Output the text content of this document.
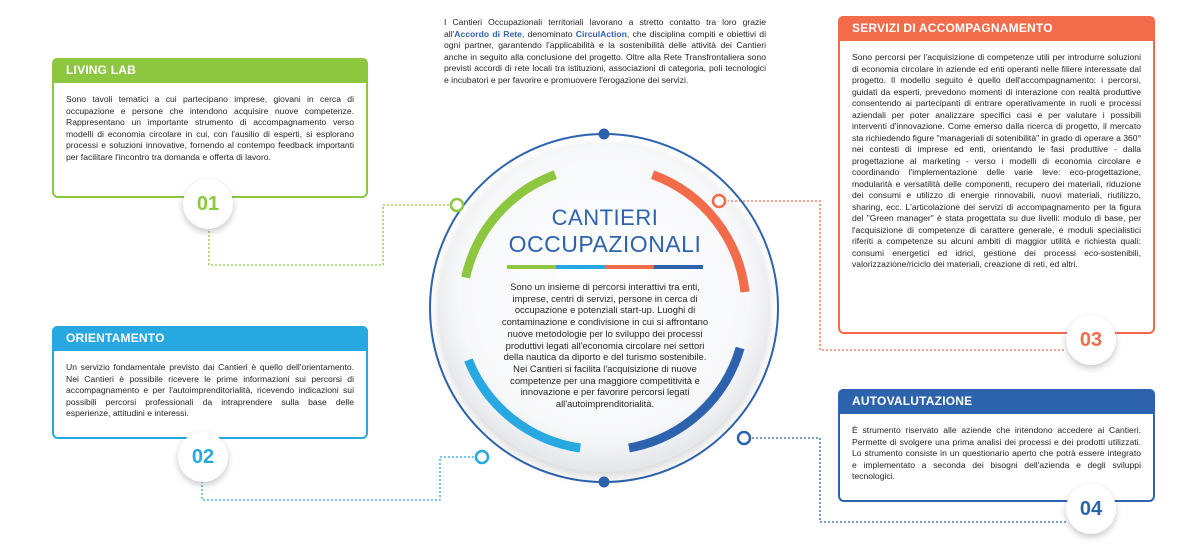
I Cantieri Occupazionali territoriali lavorano a stretto contatto tra loro grazie all'Accordo di Rete, denominato CirculAction, che disciplina compiti e obiettivi di ogni partner, garantendo l'applicabilità e la sostenibilità delle attività dei Cantieri anche in seguito alla conclusione del progetto. Oltre alla Rete Transfrontaliera sono previsti accordi di rete locali tra istituzioni, associazioni di categoria, poli tecnologici e incubatori e per favorire e promuovere l'erogazione dei servizi.
CANTIERI
OCCUPAZIONALI
Sono un insieme di percorsi interattivi tra enti, imprese, centri di servizi, persone in cerca di occupazione e potenziali start-up. Luoghi di contaminazione e condivisione in cui si affrontano nuove metodologie per lo sviluppo dei processi produttivi legati all'economia circolare nei settori della nautica da diporto e del turismo sostenibile. Nei Cantieri si facilita l'acquisizione di nuove competenze per una maggiore competitività e innovazione e per favorire percorsi legati all'autoimprenditorialità.
LIVING LAB
Sono tavoli tematici a cui partecipano imprese, giovani in cerca di occupazione e persone che intendono acquisire nuove competenze. Rappresentano un importante strumento di accompagnamento verso modelli di economia circolare in cui, con l'ausilio di esperti, si esplorano processi e soluzioni innovative, fornendo al contempo feedback importanti per facilitare l'incontro tra domanda e offerta di lavoro.
01
ORIENTAMENTO
Un servizio fondamentale previsto dai Cantieri è quello dell'orientamento. Nei Cantieri è possibile ricevere le prime informazioni sui percorsi di accompagnamento e per l'autoimprenditorialità, ricevendo indicazioni sui possibili percorsi professionali da intraprendere sulla base delle esperienze, attitudini e interessi.
02
SERVIZI DI ACCOMPAGNAMENTO
Sono percorsi per l'acquisizione di competenze utili per introdurre soluzioni di economia circolare in aziende ed enti operanti nelle filiere interessate dal progetto. Il modello seguito è quello dell'accompagnamento: i percorsi, guidati da esperti, prevedono momenti di interazione con realtà produttive consentendo ai partecipanti di entrare operativamente in ruoli e processi aziendali per poter analizzare specifici casi e per valutare i possibili interventi d'innovazione. Come emerso dalla ricerca di progetto, il mercato sta richiedendo figure "manageriali di sotenibilità" in grado di operare a 360° nei contesti di imprese ed enti, orientando le fasi produttive - dalla progettazione al marketing - verso i modelli di economia circolare e coordinando l'implementazione delle varie leve: eco-progettazione, modularità e versatilità delle componenti, recupero dei materiali, riduzione dei consumi e utilizzo di energie rinnovabili, nuovi materiali, riutilizzo, sharing, ecc. L'articolazione dei servizi di accompagnamento per la figura del "Green manager" è stata progettata su due livelli: modulo di base, per l'acquisizione di competenze di carattere generale, e moduli specialistici riferiti a competenze su alcuni ambiti di maggior utilità e richiesta quali: consumi energetici ed idrici, gestione dei processi eco-sostenibili, valorizzazione/riciclo dei materiali, creazione di reti, ed altri.
03
AUTOVALUTAZIONE
È strumento riservato alle aziende che intendono accedere ai Cantieri. Permette di svolgere una prima analisi dei processi e dei prodotti utilizzati. Lo strumento consiste in un questionario aperto che potrà essere integrato e implementato a seconda dei bisogni dell'azienda e degli sviluppi tecnologici.
04
